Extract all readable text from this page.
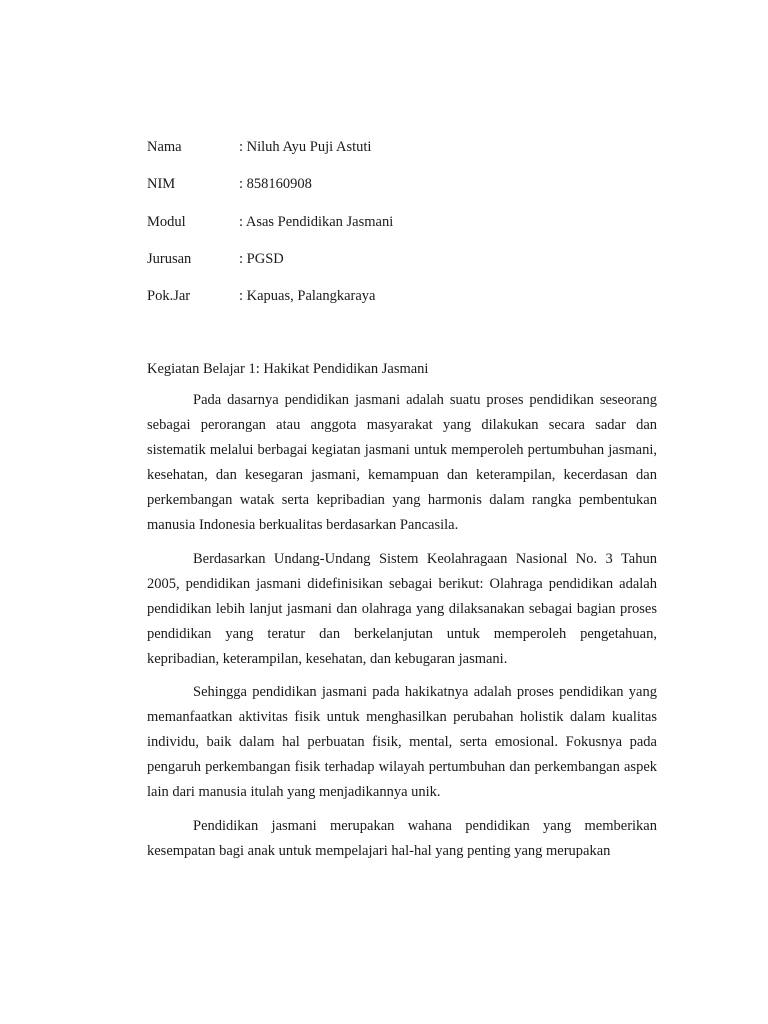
Nama	: Niluh Ayu Puji Astuti
NIM	: 858160908
Modul	: Asas Pendidikan Jasmani
Jurusan	: PGSD
Pok.Jar	: Kapuas, Palangkaraya
Kegiatan Belajar 1: Hakikat Pendidikan Jasmani

Pada dasarnya pendidikan jasmani adalah suatu proses pendidikan seseorang sebagai perorangan atau anggota masyarakat yang dilakukan secara sadar dan sistematik melalui berbagai kegiatan jasmani untuk memperoleh pertumbuhan jasmani, kesehatan, dan kesegaran jasmani, kemampuan dan keterampilan, kecerdasan dan perkembangan watak serta kepribadian yang harmonis dalam rangka pembentukan manusia Indonesia berkualitas berdasarkan Pancasila.

Berdasarkan Undang-Undang Sistem Keolahragaan Nasional No. 3 Tahun 2005, pendidikan jasmani didefinisikan sebagai berikut: Olahraga pendidikan adalah pendidikan lebih lanjut jasmani dan olahraga yang dilaksanakan sebagai bagian proses pendidikan yang teratur dan berkelanjutan untuk memperoleh pengetahuan, kepribadian, keterampilan, kesehatan, dan kebugaran jasmani.

Sehingga pendidikan jasmani pada hakikatnya adalah proses pendidikan yang memanfaatkan aktivitas fisik untuk menghasilkan perubahan holistik dalam kualitas individu, baik dalam hal perbuatan fisik, mental, serta emosional. Fokusnya pada pengaruh perkembangan fisik terhadap wilayah pertumbuhan dan perkembangan aspek lain dari manusia itulah yang menjadikannya unik.

Pendidikan jasmani merupakan wahana pendidikan yang memberikan kesempatan bagi anak untuk mempelajari hal-hal yang penting yang merupakan
